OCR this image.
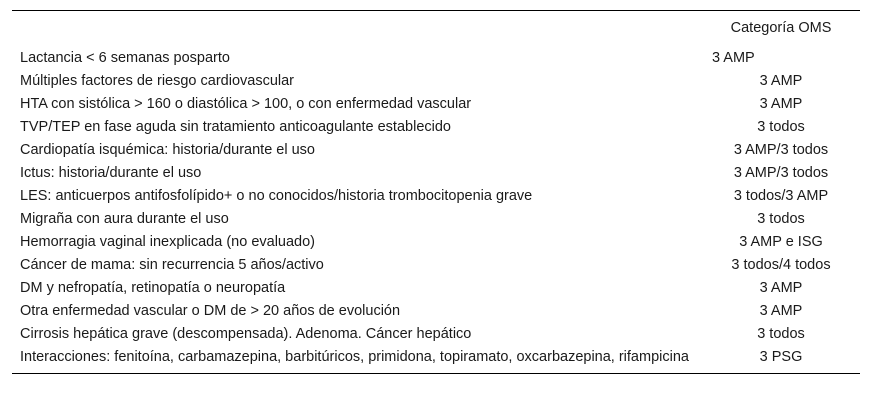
	Categoría OMS
Lactancia < 6 semanas posparto	3 AMP
Múltiples factores de riesgo cardiovascular	3 AMP
HTA con sistólica > 160 o diastólica > 100, o con enfermedad vascular	3 AMP
TVP/TEP en fase aguda sin tratamiento anticoagulante establecido	3 todos
Cardiopatía isquémica: historia/durante el uso	3 AMP/3 todos
Ictus: historia/durante el uso	3 AMP/3 todos
LES: anticuerpos antifosfolípido+ o no conocidos/historia trombocitopenia grave	3 todos/3 AMP
Migraña con aura durante el uso	3 todos
Hemorragia vaginal inexplicada (no evaluado)	3 AMP e ISG
Cáncer de mama: sin recurrencia 5 años/activo	3 todos/4 todos
DM y nefropatía, retinopatía o neuropatía	3 AMP
Otra enfermedad vascular o DM de > 20 años de evolución	3 AMP
Cirrosis hepática grave (descompensada). Adenoma. Cáncer hepático	3 todos
Interacciones: fenitoína, carbamazepina, barbitúricos, primidona, topiramato, oxcarbazepina, rifampicina	3 PSG
